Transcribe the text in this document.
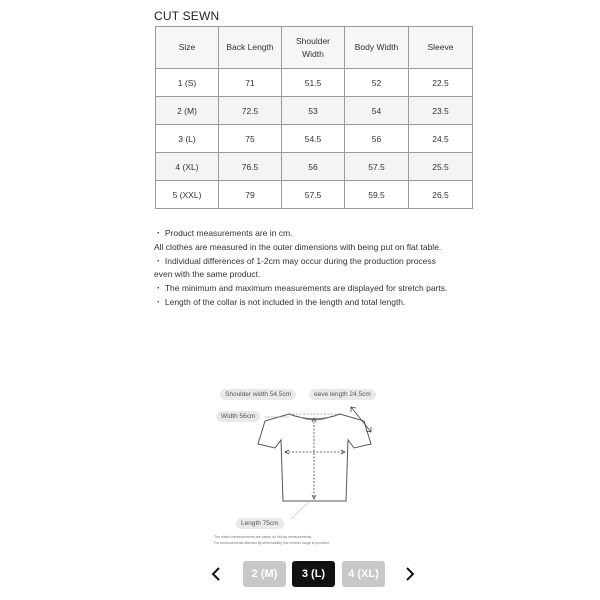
CUT SEWN
Size	Back Length	Shoulder Width	Body Width	Sleeve
1 (S)	71	51.5	52	22.5
2 (M)	72.5	53	54	23.5
3 (L)	75	54.5	56	24.5
4 (XL)	76.5	56	57.5	25.5
5 (XXL)	79	57.5	59.5	26.5

・ Product measurements are in cm.

All clothes are measured in the outer dimensions with being put on flat table.

・ Individual differences of 1-2cm may occur during the production process even with the same product.

・ The minimum and maximum measurements are displayed for stretch parts.

・ Length of the collar is not included in the length and total length.

Shoulder width 54.5cm	eeve length 24.5cm
Width 56cm
Length 75cm
The stated measurements are based on flat lay measurements.
For measurements affected by stretchability, the median range is provided.
2 (M)	3 (L)	4 (XL)
